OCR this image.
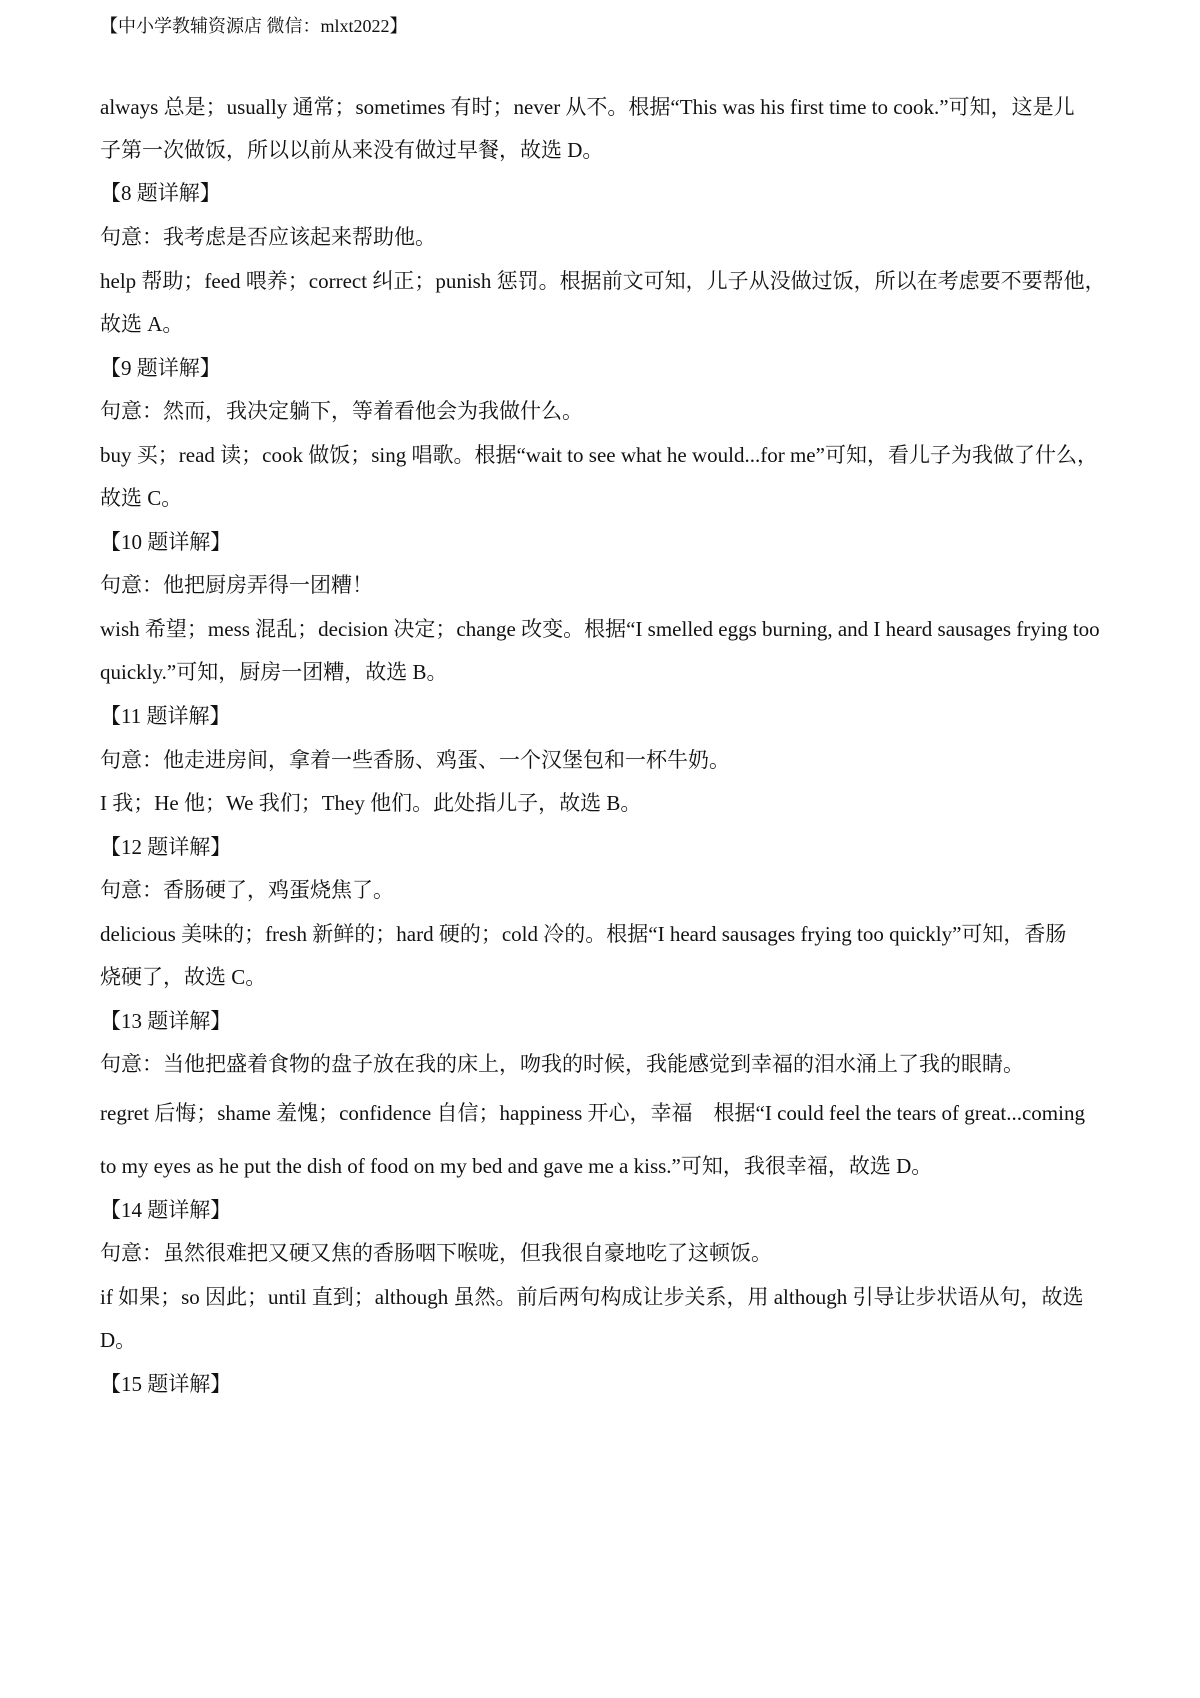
【中小学教辅资源店 微信：mlxt2022】
always 总是；usually 通常；sometimes 有时；never 从不。根据“This was his first time to cook.”可知，这是儿
子第一次做饭，所以以前从来没有做过早餐，故选 D。
【8 题详解】
句意：我考虑是否应该起来帮助他。
help 帮助；feed 喂养；correct 纠正；punish 惩罚。根据前文可知，儿子从没做过饭，所以在考虑要不要帮他，
故选 A。
【9 题详解】
句意：然而，我决定躺下，等着看他会为我做什么。
buy 买；read 读；cook 做饭；sing 唱歌。根据“wait to see what he would...for me”可知，看儿子为我做了什么，
故选 C。
【10 题详解】
句意：他把厨房弄得一团糟！
wish 希望；mess 混乱；decision 决定；change 改变。根据“I smelled eggs burning, and I heard sausages frying too
quickly.”可知，厨房一团糟，故选 B。
【11 题详解】
句意：他走进房间，拿着一些香肠、鸡蛋、一个汉堡包和一杯牛奶。
I 我；He 他；We 我们；They 他们。此处指儿子，故选 B。
【12 题详解】
句意：香肠硬了，鸡蛋烧焦了。
delicious 美味的；fresh 新鲜的；hard 硬的；cold 冷的。根据“I heard sausages frying too quickly”可知，香肠
烧硬了，故选 C。
【13 题详解】
句意：当他把盛着食物的盘子放在我的床上，吻我的时候，我能感觉到幸福的泪水涌上了我的眼睛。
regret 后悔；shame 羞愧；confidence 自信；happiness 开心，幸福　根据“I could feel the tears of great...coming
to my eyes as he put the dish of food on my bed and gave me a kiss.”可知，我很幸福，故选 D。
【14 题详解】
句意：虽然很难把又硬又焦的香肠咽下喉咙，但我很自豪地吃了这顿饭。
if 如果；so 因此；until 直到；although 虽然。前后两句构成让步关系，用 although 引导让步状语从句，故选
D。
【15 题详解】
